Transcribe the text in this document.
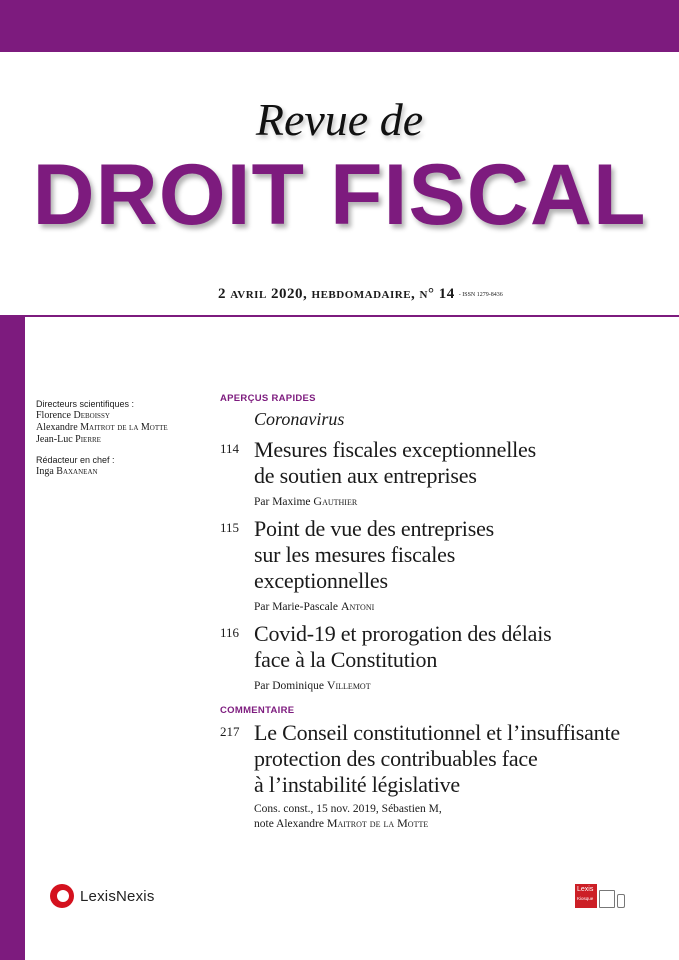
Revue de
DROIT FISCAL
2 avril 2020, hebdomadaire, n° 14 - ISSN 1279-8436
Directeurs scientifiques :
Florence Deboissy
Alexandre Maitrot de la Motte
Jean-Luc Pierre
Rédacteur en chef :
Inga Baxanean
APERÇUS RAPIDES
Coronavirus
114 Mesures fiscales exceptionnelles
de soutien aux entreprises
Par Maxime Gauthier
115 Point de vue des entreprises
sur les mesures fiscales
exceptionnelles
Par Marie-Pascale Antoni
116 Covid-19 et prorogation des délais
face à la Constitution
Par Dominique Villemot
COMMENTAIRE
217 Le Conseil constitutionnel et l’insuffisante
protection des contribuables face
à l’instabilité législative
Cons. const., 15 nov. 2019, Sébastien M,
note Alexandre Maitrot de la Motte
LexisNexis	Lexis
Kiosque
